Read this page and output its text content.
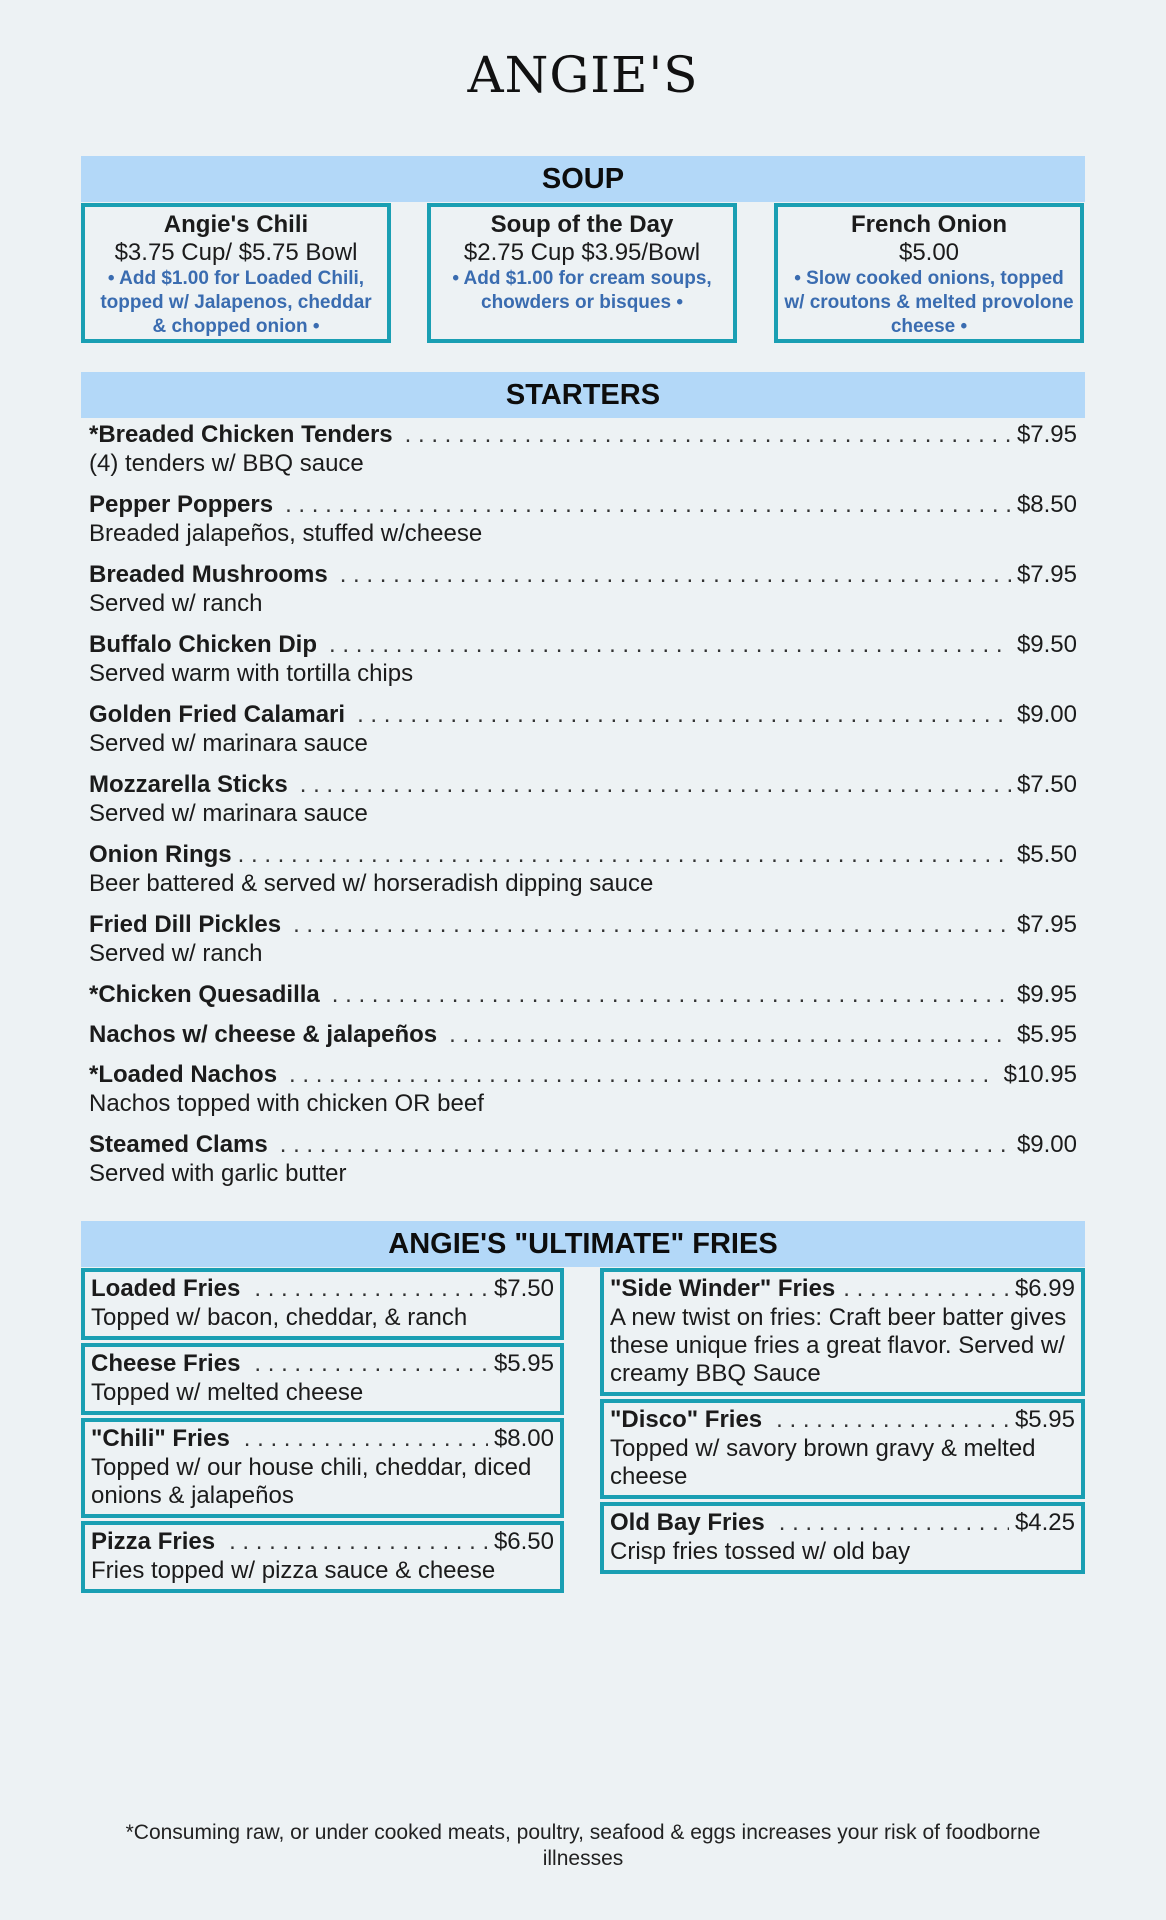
ANGIE'S
SOUP
Angie's Chili
$3.75 Cup/ $5.75 Bowl
• Add $1.00 for Loaded Chili, topped w/ Jalapenos, cheddar & chopped onion •
Soup of the Day
$2.75 Cup $3.95/Bowl
• Add $1.00 for cream soups, chowders or bisques •
French Onion
$5.00
• Slow cooked onions, topped w/ croutons & melted provolone cheese •
STARTERS
*Breaded Chicken Tenders . . .	$7.95
(4) tenders w/ BBQ sauce
Pepper Poppers . . .	$8.50
Breaded jalapeños, stuffed w/cheese
Breaded Mushrooms . . .	$7.95
Served w/ ranch
Buffalo Chicken Dip . . .	$9.50
Served warm with tortilla chips
Golden Fried Calamari . . .	$9.00
Served w/ marinara sauce
Mozzarella Sticks . . .	$7.50
Served w/ marinara sauce
Onion Rings . . .	$5.50
Beer battered & served w/ horseradish dipping sauce
Fried Dill Pickles . . .	$7.95
Served w/ ranch
*Chicken Quesadilla . . .	$9.95
Nachos w/ cheese & jalapeños . . .	$5.95
*Loaded Nachos . . .	$10.95
Nachos topped with chicken OR beef
Steamed Clams . . .	$9.00
Served with garlic butter
ANGIE'S "ULTIMATE" FRIES
Loaded Fries . . .	$7.50
Topped w/ bacon, cheddar, & ranch
Cheese Fries . . .	$5.95
Topped w/ melted cheese
"Chili" Fries . . .	$8.00
Topped w/ our house chili, cheddar, diced onions & jalapeños
Pizza Fries . . .	$6.50
Fries topped w/ pizza sauce & cheese
"Side Winder" Fries . . .	$6.99
A new twist on fries: Craft beer batter gives these unique fries a great flavor. Served w/ creamy BBQ Sauce
"Disco" Fries . . .	$5.95
Topped w/ savory brown gravy & melted cheese
Old Bay Fries . . .	$4.25
Crisp fries tossed w/ old bay
*Consuming raw, or under cooked meats, poultry, seafood & eggs increases your risk of foodborne illnesses
